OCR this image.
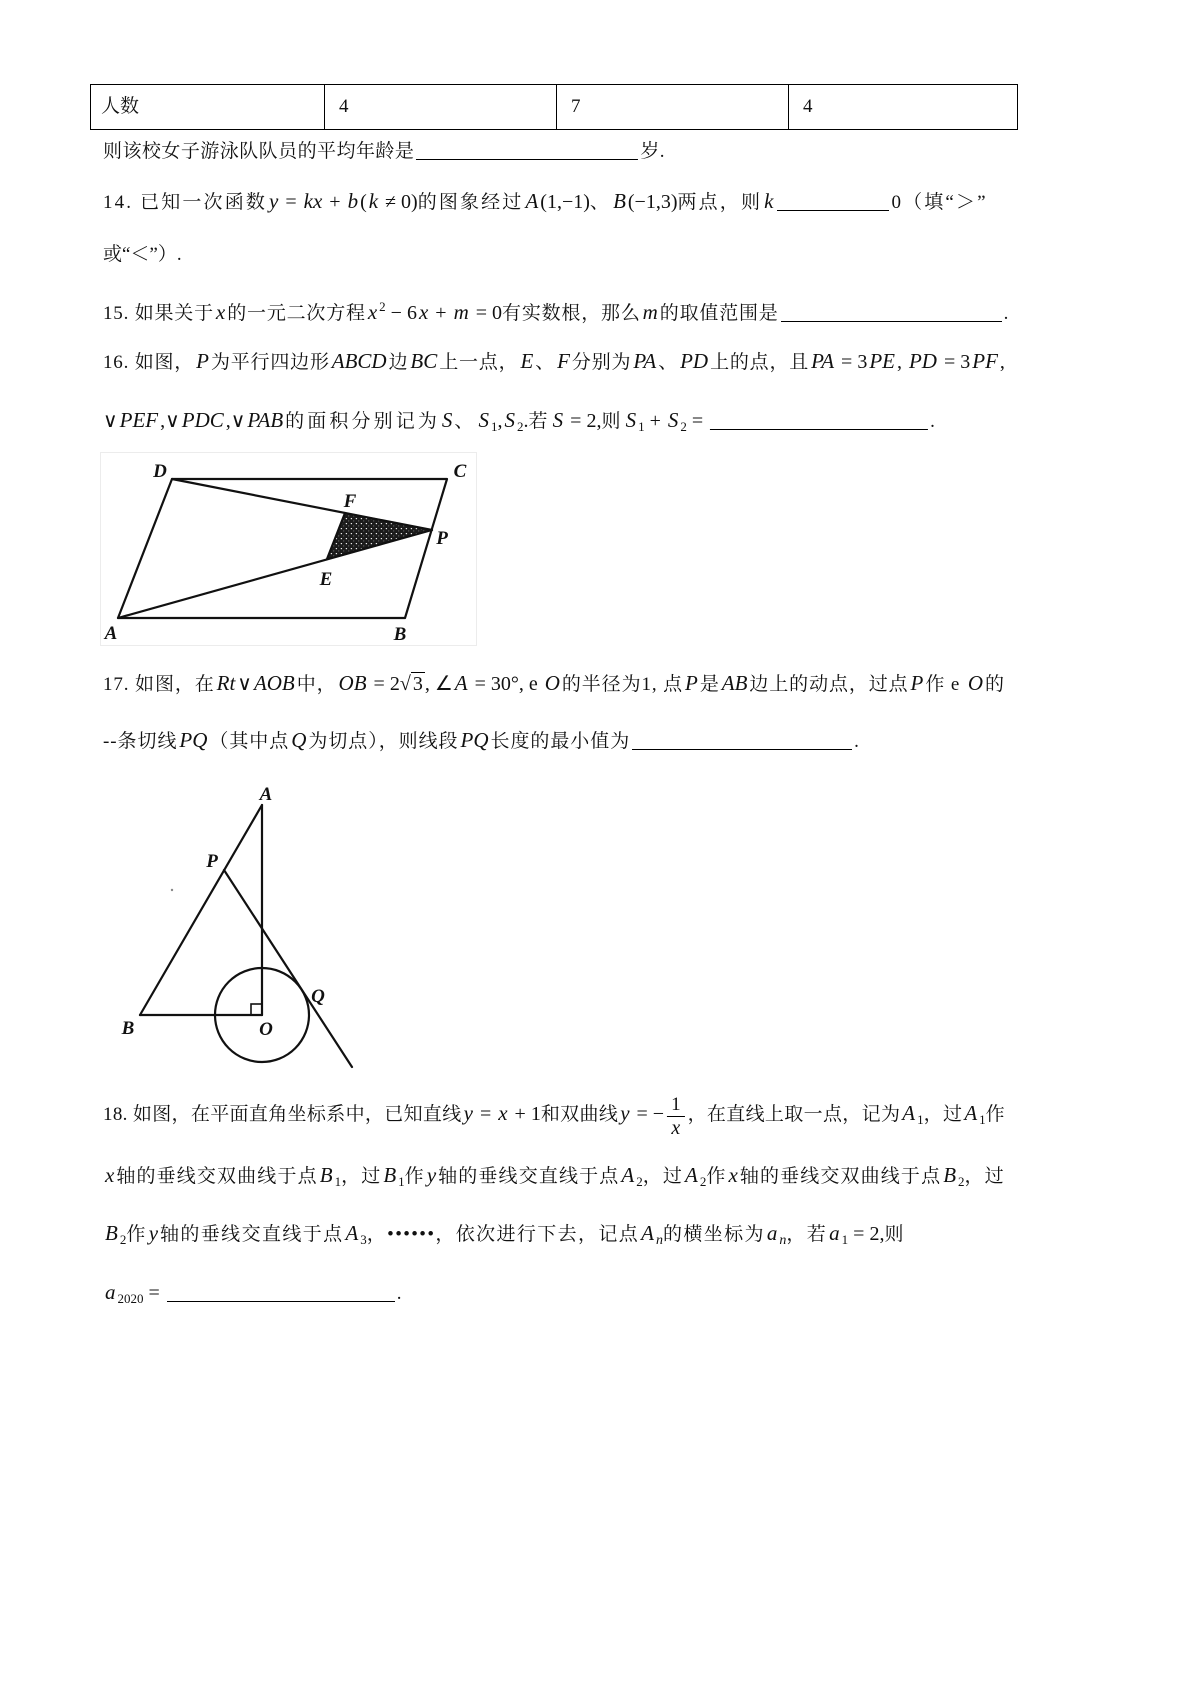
人数	4	7	4
则该校女子游泳队队员的平均年龄是	岁.
14. 已知一次函数y = kx + b (k ≠ 0)的图象经过A (1,−1)、B (−1,3)两点，则k	0（填“＞”
或“＜”）.
15. 如果关于x 的一元二次方程x $^2$ − 6x + m = 0有实数根，那么m 的取值范围是	.
16. 如图，P 为平行四边形ABCD 边BC 上一点，E 、F 分别为PA 、PD 上的点，且PA = 3PE , PD = 3PF ,
∨PEF,∨PDC,∨PAB 的面积分别记为S 、S $_1$,S $_2$.若S = 2,则S $_1$ + S $_2$ =	.
D	C
F
P
E
A	B
17. 如图，在Rt ∨AOB 中，OB = 2√ 3 , ∠A = 30°, e O 的半径为1, 点P 是AB 边上的动点，过点P 作 e O 的
--条切线PQ （其中点Q 为切点），则线段PQ 长度的最小值为	.
A
P
Q
B	O
18. 如图，在平面直角坐标系中，已知直线y = x + 1和双曲线y = − $\frac{1}{x}$ ，在直线上取一点，记为A $_1$，过A $_1$作
x 轴的垂线交双曲线于点B $_1$，过B $_1$作y 轴的垂线交直线于点A $_2$，过A $_2$作x 轴的垂线交双曲线于点B $_2$，过
B $_2$作y 轴的垂线交直线于点A $_3$，••••••，依次进行下去，记点A n的横坐标为a n，若a $_1$ = 2,则
a $_{2020}$ =	.
